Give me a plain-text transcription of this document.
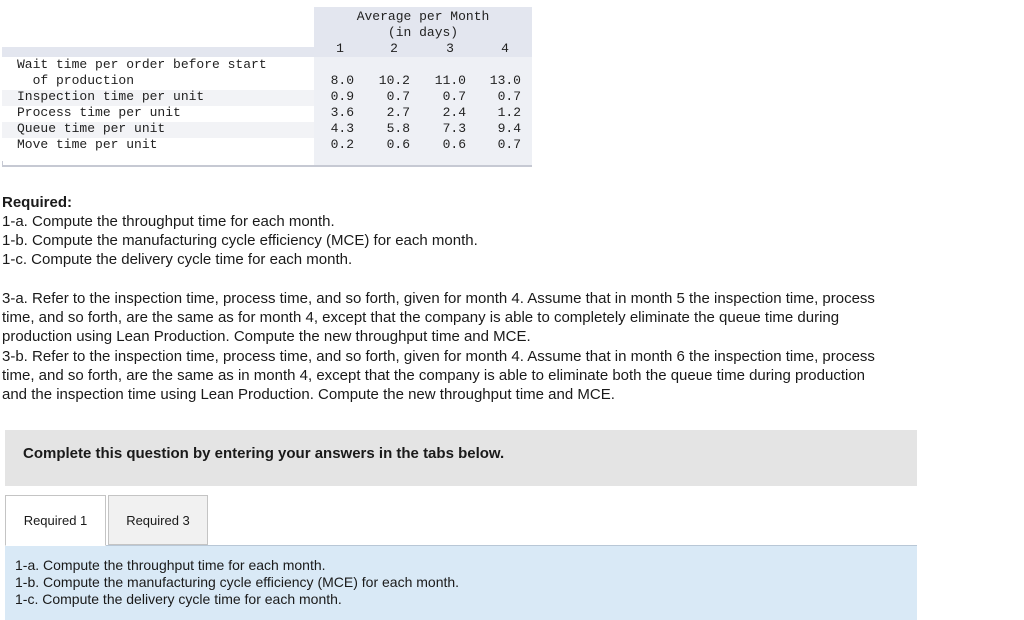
Average per Month
(in days)
1	2	3	4
Wait time per order before start
of production	8.0	10.2	11.0	13.0
Inspection time per unit	0.9	0.7	0.7	0.7
Process time per unit	3.6	2.7	2.4	1.2
Queue time per unit	4.3	5.8	7.3	9.4
Move time per unit	0.2	0.6	0.6	0.7
Required:
1-a. Compute the throughput time for each month.
1-b. Compute the manufacturing cycle efficiency (MCE) for each month.
1-c. Compute the delivery cycle time for each month.
3-a. Refer to the inspection time, process time, and so forth, given for month 4. Assume that in month 5 the inspection time, process
time, and so forth, are the same as for month 4, except that the company is able to completely eliminate the queue time during
production using Lean Production. Compute the new throughput time and MCE.
3-b. Refer to the inspection time, process time, and so forth, given for month 4. Assume that in month 6 the inspection time, process
time, and so forth, are the same as in month 4, except that the company is able to eliminate both the queue time during production
and the inspection time using Lean Production. Compute the new throughput time and MCE.
Complete this question by entering your answers in the tabs below.
Required 1	Required 3
1-a. Compute the throughput time for each month.
1-b. Compute the manufacturing cycle efficiency (MCE) for each month.
1-c. Compute the delivery cycle time for each month.
